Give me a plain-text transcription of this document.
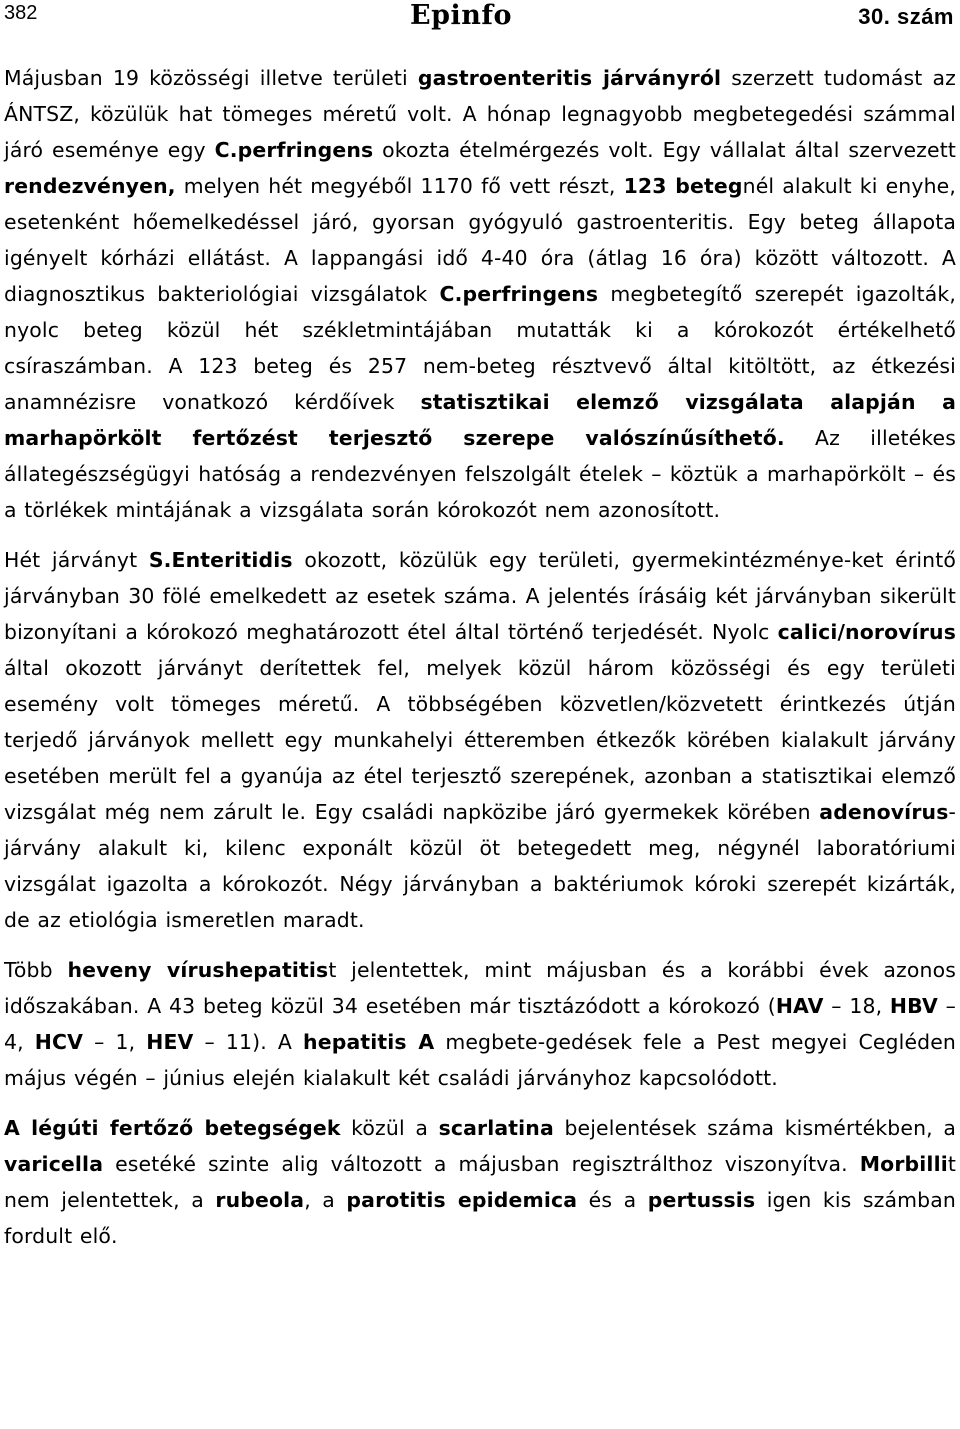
382	Epinfo	30. szám

Májusban 19 közösségi illetve területi gastroenteritis járványról szerzett tudomást az ÁNTSZ, közülük hat tömeges méretű volt. A hónap legnagyobb megbetegedési számmal járó eseménye egy C.perfringens okozta ételmérgezés volt. Egy vállalat által szervezett rendezvényen, melyen hét megyéből 1170 fő vett részt, 123 betegnél alakult ki enyhe, esetenként hőemelkedéssel járó, gyorsan gyógyuló gastroenteritis. Egy beteg állapota igényelt kórházi ellátást. A lappangási idő 4-40 óra (átlag 16 óra) között változott. A diagnosztikus bakteriológiai vizsgálatok C.perfringens megbetegítő szerepét igazolták, nyolc beteg közül hét székletmintájában mutatták ki a kórokozót értékelhető csíraszámban. A 123 beteg és 257 nem-beteg résztvevő által kitöltött, az étkezési anamnézisre vonatkozó kérdőívek statisztikai elemző vizsgálata alapján a marhapörkölt fertőzést terjesztő szerepe valószínűsíthető. Az illetékes állategészségügyi hatóság a rendezvényen felszolgált ételek – köztük a marhapörkölt – és a törlékek mintájának a vizsgálata során kórokozót nem azonosított.

Hét járványt S.Enteritidis okozott, közülük egy területi, gyermekintézménye-ket érintő járványban 30 fölé emelkedett az esetek száma. A jelentés írásáig két járványban sikerült bizonyítani a kórokozó meghatározott étel által történő terjedését. Nyolc calici/norovírus által okozott járványt derítettek fel, melyek közül három közösségi és egy területi esemény volt tömeges méretű. A többségében közvetlen/közvetett érintkezés útján terjedő járványok mellett egy munkahelyi étteremben étkezők körében kialakult járvány esetében merült fel a gyanúja az étel terjesztő szerepének, azonban a statisztikai elemző vizsgálat még nem zárult le. Egy családi napközibe járó gyermekek körében adenovírus-járvány alakult ki, kilenc exponált közül öt betegedett meg, négynél laboratóriumi vizsgálat igazolta a kórokozót. Négy járványban a baktériumok kóroki szerepét kizárták, de az etiológia ismeretlen maradt.

Több heveny vírushepatitist jelentettek, mint májusban és a korábbi évek azonos időszakában. A 43 beteg közül 34 esetében már tisztázódott a kórokozó (HAV – 18, HBV – 4, HCV – 1, HEV – 11). A hepatitis A megbete-gedések fele a Pest megyei Cegléden május végén – június elején kialakult két családi járványhoz kapcsolódott.

A légúti fertőző betegségek közül a scarlatina bejelentések száma kismértékben, a varicella esetéké szinte alig változott a májusban regisztrálthoz viszonyítva. Morbillit nem jelentettek, a rubeola, a parotitis epidemica és a pertussis igen kis számban fordult elő.
